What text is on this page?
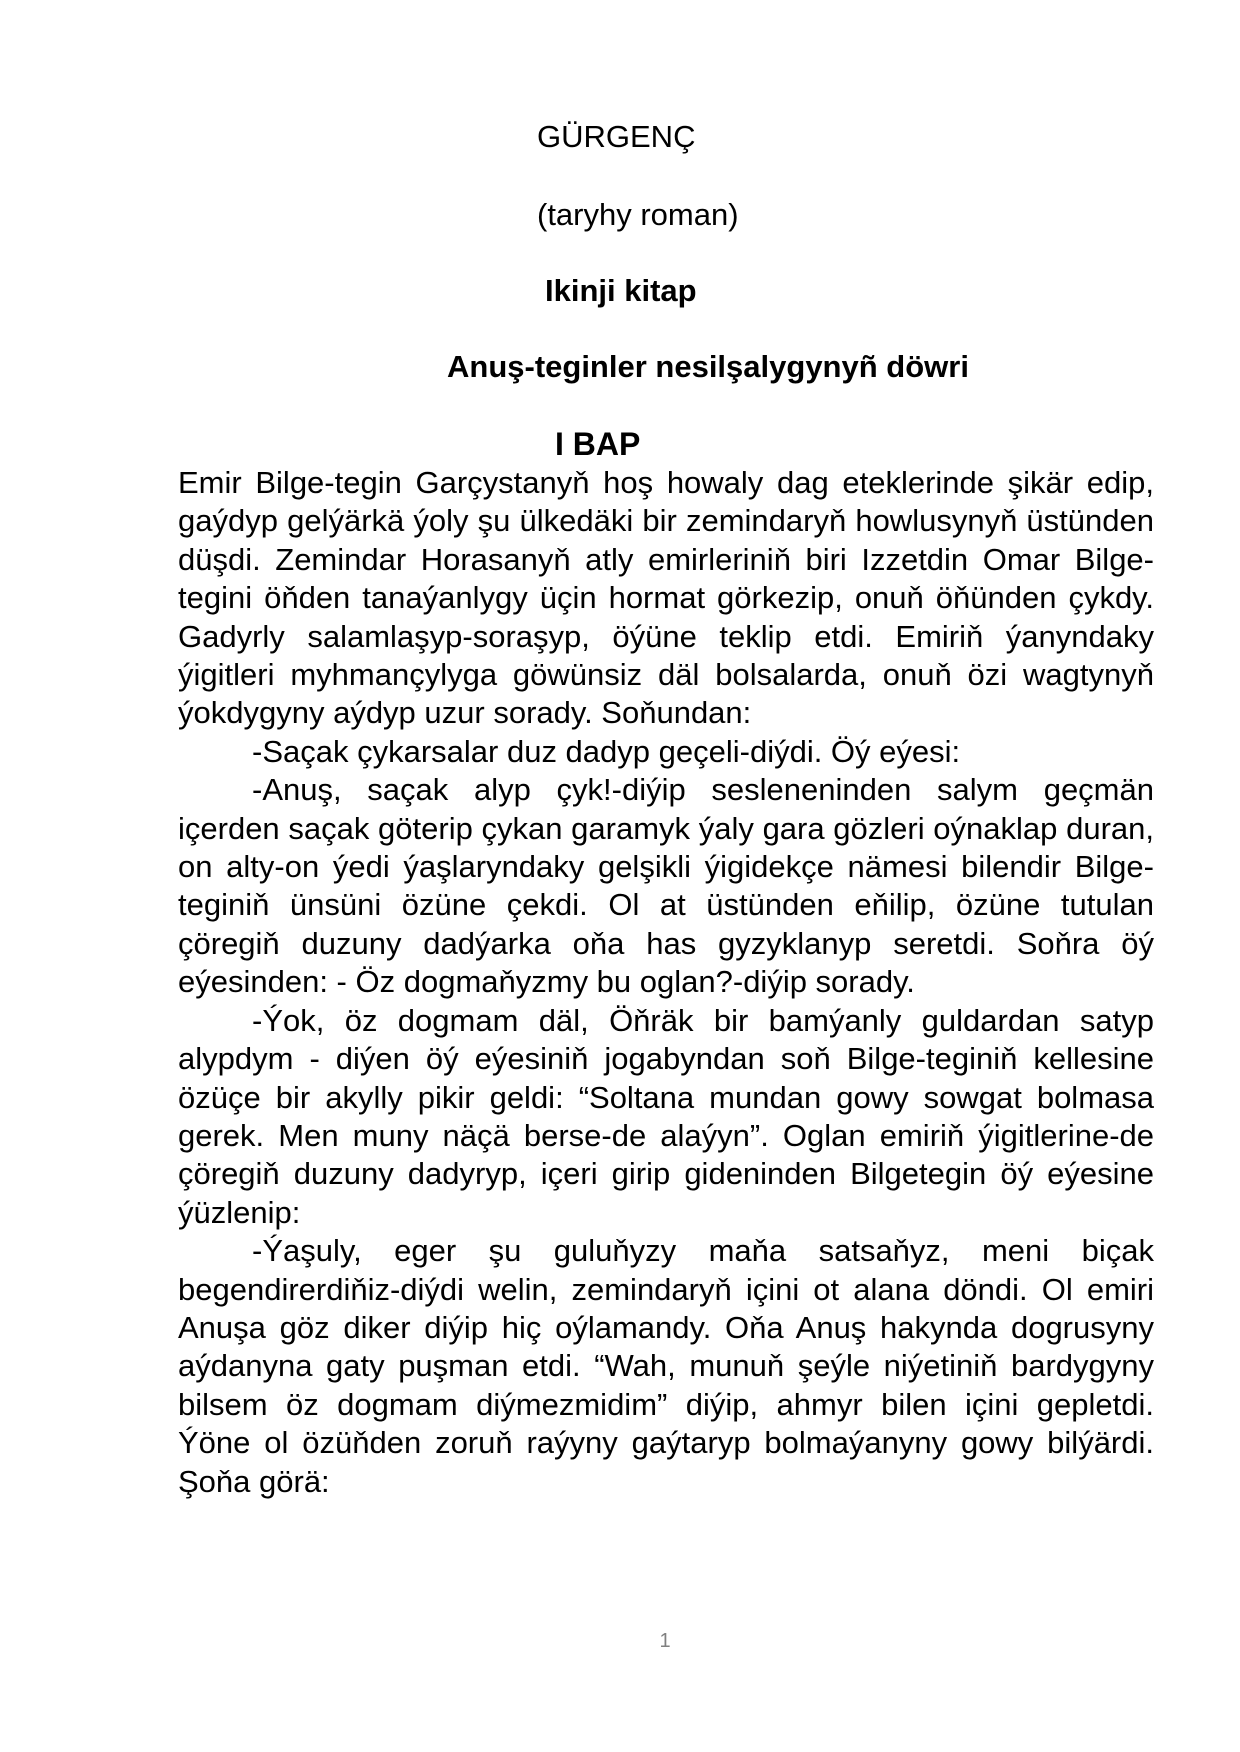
GÜRGENÇ
(taryhy roman)
Ikinji kitap
Anuş-teginler nesilşalygynyñ döwri
I BAP

Emir Bilge-tegin Garçystanyň hoş howaly dag eteklerinde şikär edip, gaýdyp gelýärkä ýoly şu ülkedäki bir zemindaryň howlusynyň üstünden düşdi. Zemindar Horasanyň atly emirleriniň biri Izzetdin Omar Bilge-tegini öňden tanaýanlygy üçin hormat görkezip, onuň öňünden çykdy. Gadyrly salamlaşyp-soraşyp, öýüne teklip etdi. Emiriň ýanyndaky ýigitleri myhmançylyga göwünsiz däl bolsalarda, onuň özi wagtynyň ýokdygyny aýdyp uzur sorady. Soňundan:

-Saçak çykarsalar duz dadyp geçeli-diýdi. Öý eýesi:

-Anuş, saçak alyp çyk!-diýip sesleneninden salym geçmän içerden saçak göterip çykan garamyk ýaly gara gözleri oýnaklap duran, on alty-on ýedi ýaşlaryndaky gelşikli ýigidekçe nämesi bilendir Bilge-teginiň ünsüni özüne çekdi. Ol at üstünden eňilip, özüne tutulan çöregiň duzuny dadýarka oňa has gyzyklanyp seretdi. Soňra öý eýesinden: - Öz dogmaňyzmy bu oglan?-diýip sorady.

-Ýok, öz dogmam däl, Öňräk bir bamýanly guldardan satyp alypdym - diýen öý eýesiniň jogabyndan soň Bilge-teginiň kellesine özüçe bir akylly pikir geldi: “Soltana mundan gowy sowgat bolmasa gerek. Men muny näçä berse-de alaýyn”. Oglan emiriň ýigitlerine-de çöregiň duzuny dadyryp, içeri girip gideninden Bilgetegin öý eýesine ýüzlenip:

-Ýaşuly, eger şu guluňyzy maňa satsaňyz, meni biçak begendirerdiňiz-diýdi welin, zemindaryň içini ot alana döndi. Ol emiri Anuşa göz diker diýip hiç oýlamandy. Oňa Anuş hakynda dogrusyny aýdanyna gaty puşman etdi. “Wah, munuň şeýle niýetiniň bardygyny bilsem öz dogmam diýmezmidim” diýip, ahmyr bilen içini gepletdi. Ýöne ol özüňden zoruň raýyny gaýtaryp bolmaýanyny gowy bilýärdi. Şoňa görä:

1
